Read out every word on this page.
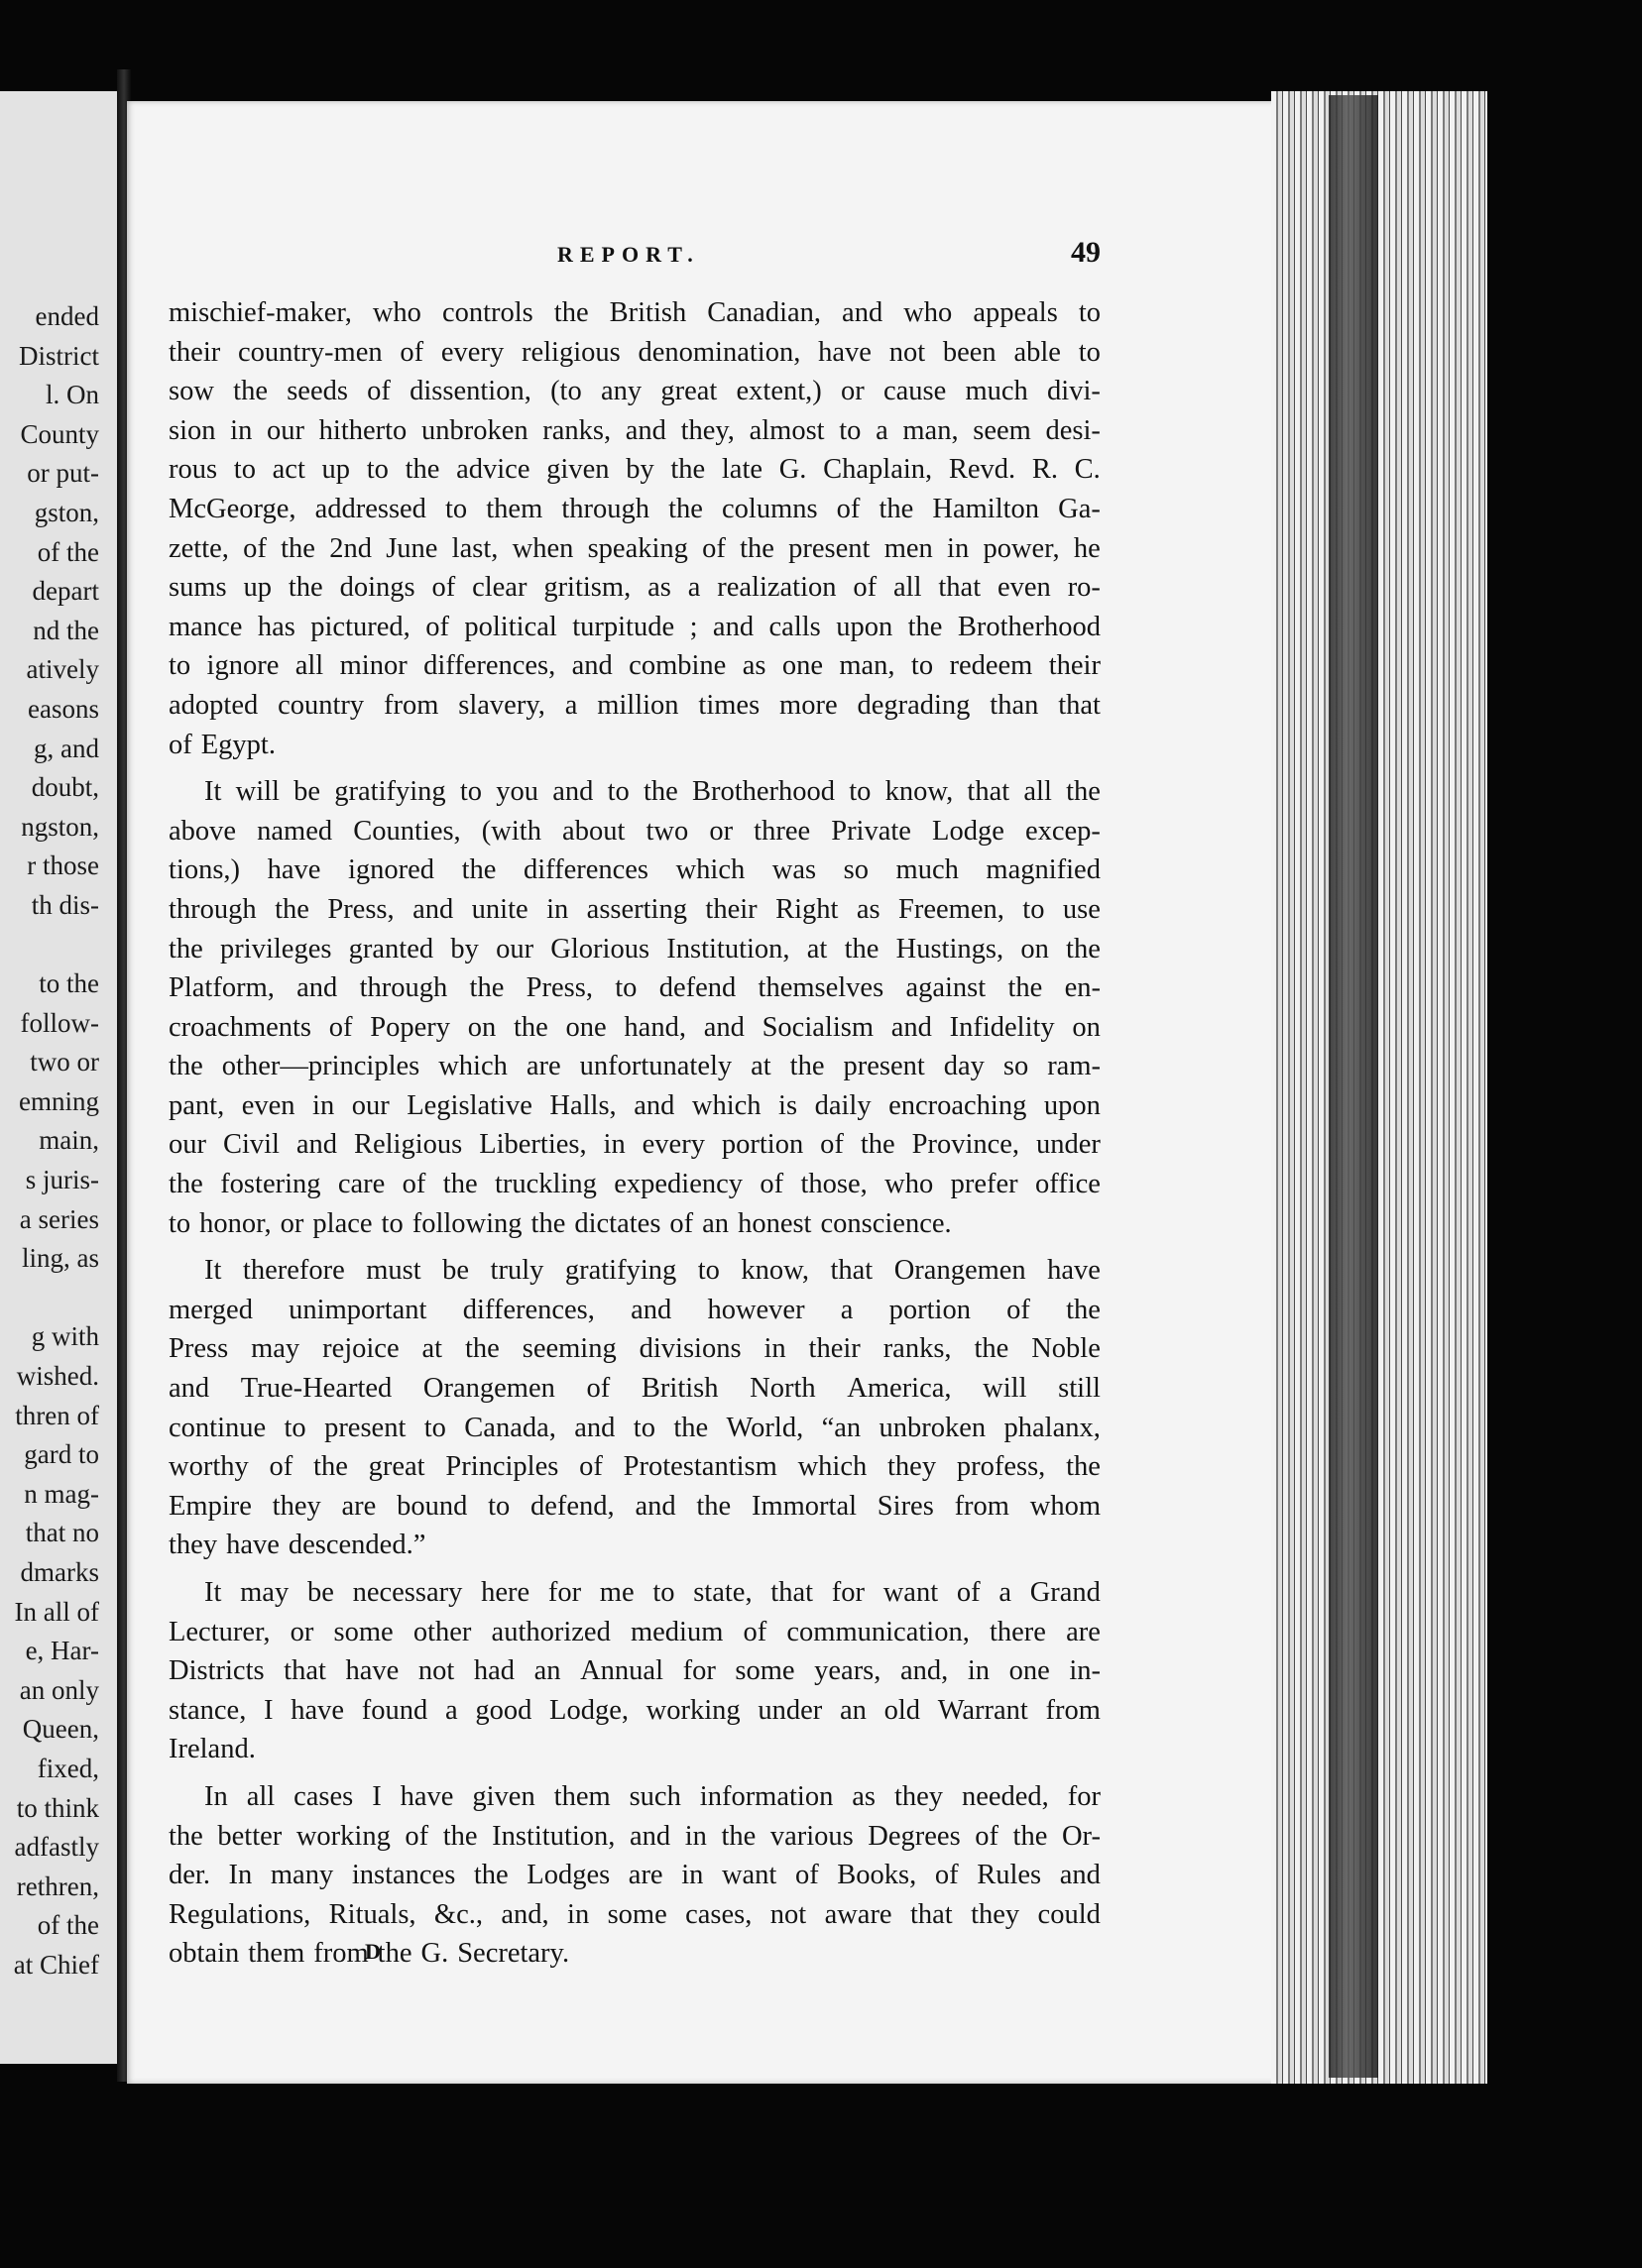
ended
District
l. On
County
or put-
gston,
of the
depart
nd the
atively
easons
g, and
doubt,
ngston,
r those
th dis-
to the
follow-
two or
emning
main,
s juris-
a series
ling, as
g with
wished.
thren of
gard to
n mag-
that no
dmarks
In all of
e, Har-
an only
Queen,
fixed,
to think
adfastly
rethren,
of the
at Chief
REPORT.	49
mischief-maker, who controls the British Canadian, and who appeals to
their country-men of every religious denomination, have not been able to
sow the seeds of dissention, (to any great extent,) or cause much divi-
sion in our hitherto unbroken ranks, and they, almost to a man, seem desi-
rous to act up to the advice given by the late G. Chaplain, Revd. R. C.
McGeorge, addressed to them through the columns of the Hamilton Ga-
zette, of the 2nd June last, when speaking of the present men in power, he
sums up the doings of clear gritism, as a realization of all that even ro-
mance has pictured, of political turpitude ; and calls upon the Brotherhood
to ignore all minor differences, and combine as one man, to redeem their
adopted country from slavery, a million times more degrading than that
of Egypt.
It will be gratifying to you and to the Brotherhood to know, that all the
above named Counties, (with about two or three Private Lodge excep-
tions,) have ignored the differences which was so much magnified
through the Press, and unite in asserting their Right as Freemen, to use
the privileges granted by our Glorious Institution, at the Hustings, on the
Platform, and through the Press, to defend themselves against the en-
croachments of Popery on the one hand, and Socialism and Infidelity on
the other—principles which are unfortunately at the present day so ram-
pant, even in our Legislative Halls, and which is daily encroaching upon
our Civil and Religious Liberties, in every portion of the Province, under
the fostering care of the truckling expediency of those, who prefer office
to honor, or place to following the dictates of an honest conscience.
It therefore must be truly gratifying to know, that Orangemen have
merged unimportant differences, and however a portion of the
Press may rejoice at the seeming divisions in their ranks, the Noble
and True-Hearted Orangemen of British North America, will still
continue to present to Canada, and to the World, “an unbroken phalanx,
worthy of the great Principles of Protestantism which they profess, the
Empire they are bound to defend, and the Immortal Sires from whom
they have descended.”
It may be necessary here for me to state, that for want of a Grand
Lecturer, or some other authorized medium of communication, there are
Districts that have not had an Annual for some years, and, in one in-
stance, I have found a good Lodge, working under an old Warrant from
Ireland.
In all cases I have given them such information as they needed, for
the better working of the Institution, and in the various Degrees of the Or-
der. In many instances the Lodges are in want of Books, of Rules and
Regulations, Rituals, &c., and, in some cases, not aware that they could
obtain them from the G. Secretary.
D
